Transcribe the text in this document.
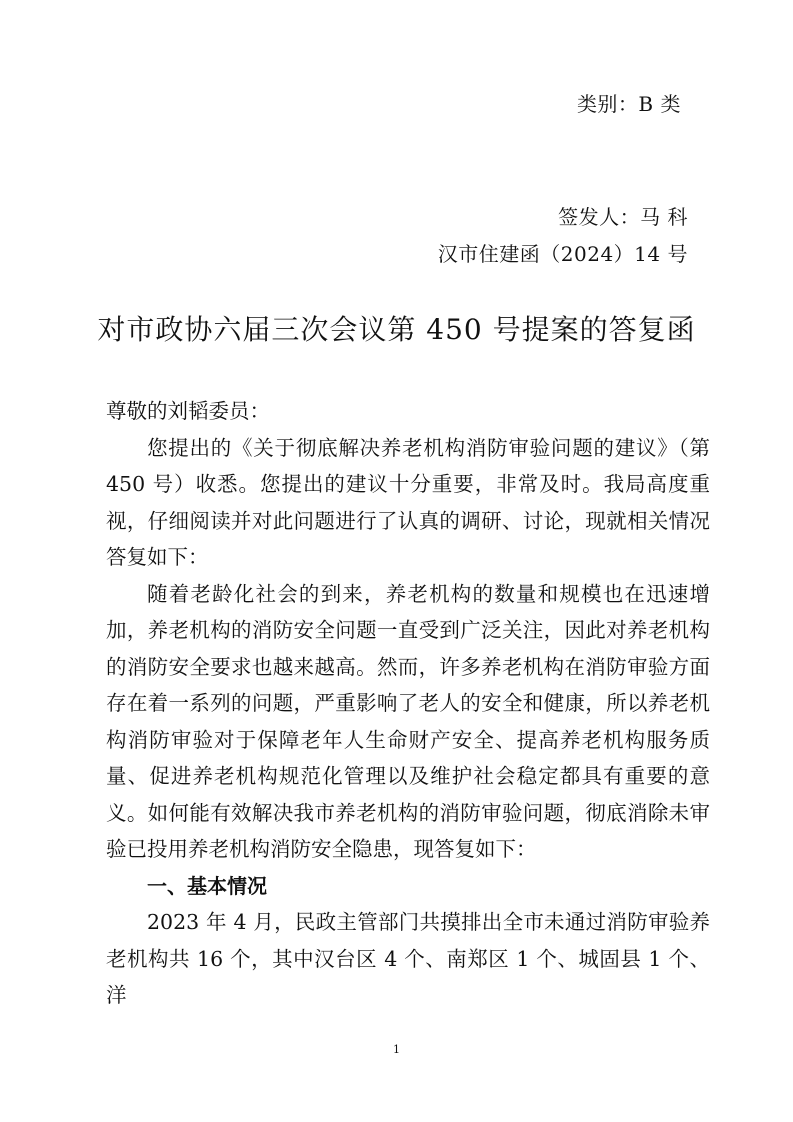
类别：B 类
签发人：马 科
汉市住建函（2024）14 号
对市政协六届三次会议第 450 号提案的答复函

尊敬的刘韬委员：

您提出的《关于彻底解决养老机构消防审验问题的建议》（第 450 号）收悉。您提出的建议十分重要，非常及时。我局高度重视，仔细阅读并对此问题进行了认真的调研、讨论，现就相关情况答复如下：

随着老龄化社会的到来，养老机构的数量和规模也在迅速增加，养老机构的消防安全问题一直受到广泛关注，因此对养老机构的消防安全要求也越来越高。然而，许多养老机构在消防审验方面存在着一系列的问题，严重影响了老人的安全和健康，所以养老机构消防审验对于保障老年人生命财产安全、提高养老机构服务质量、促进养老机构规范化管理以及维护社会稳定都具有重要的意义。如何能有效解决我市养老机构的消防审验问题，彻底消除未审验已投用养老机构消防安全隐患，现答复如下：

一、基本情况

2023 年 4 月，民政主管部门共摸排出全市未通过消防审验养老机构共 16 个，其中汉台区 4 个、南郑区 1 个、城固县 1 个、洋

1
